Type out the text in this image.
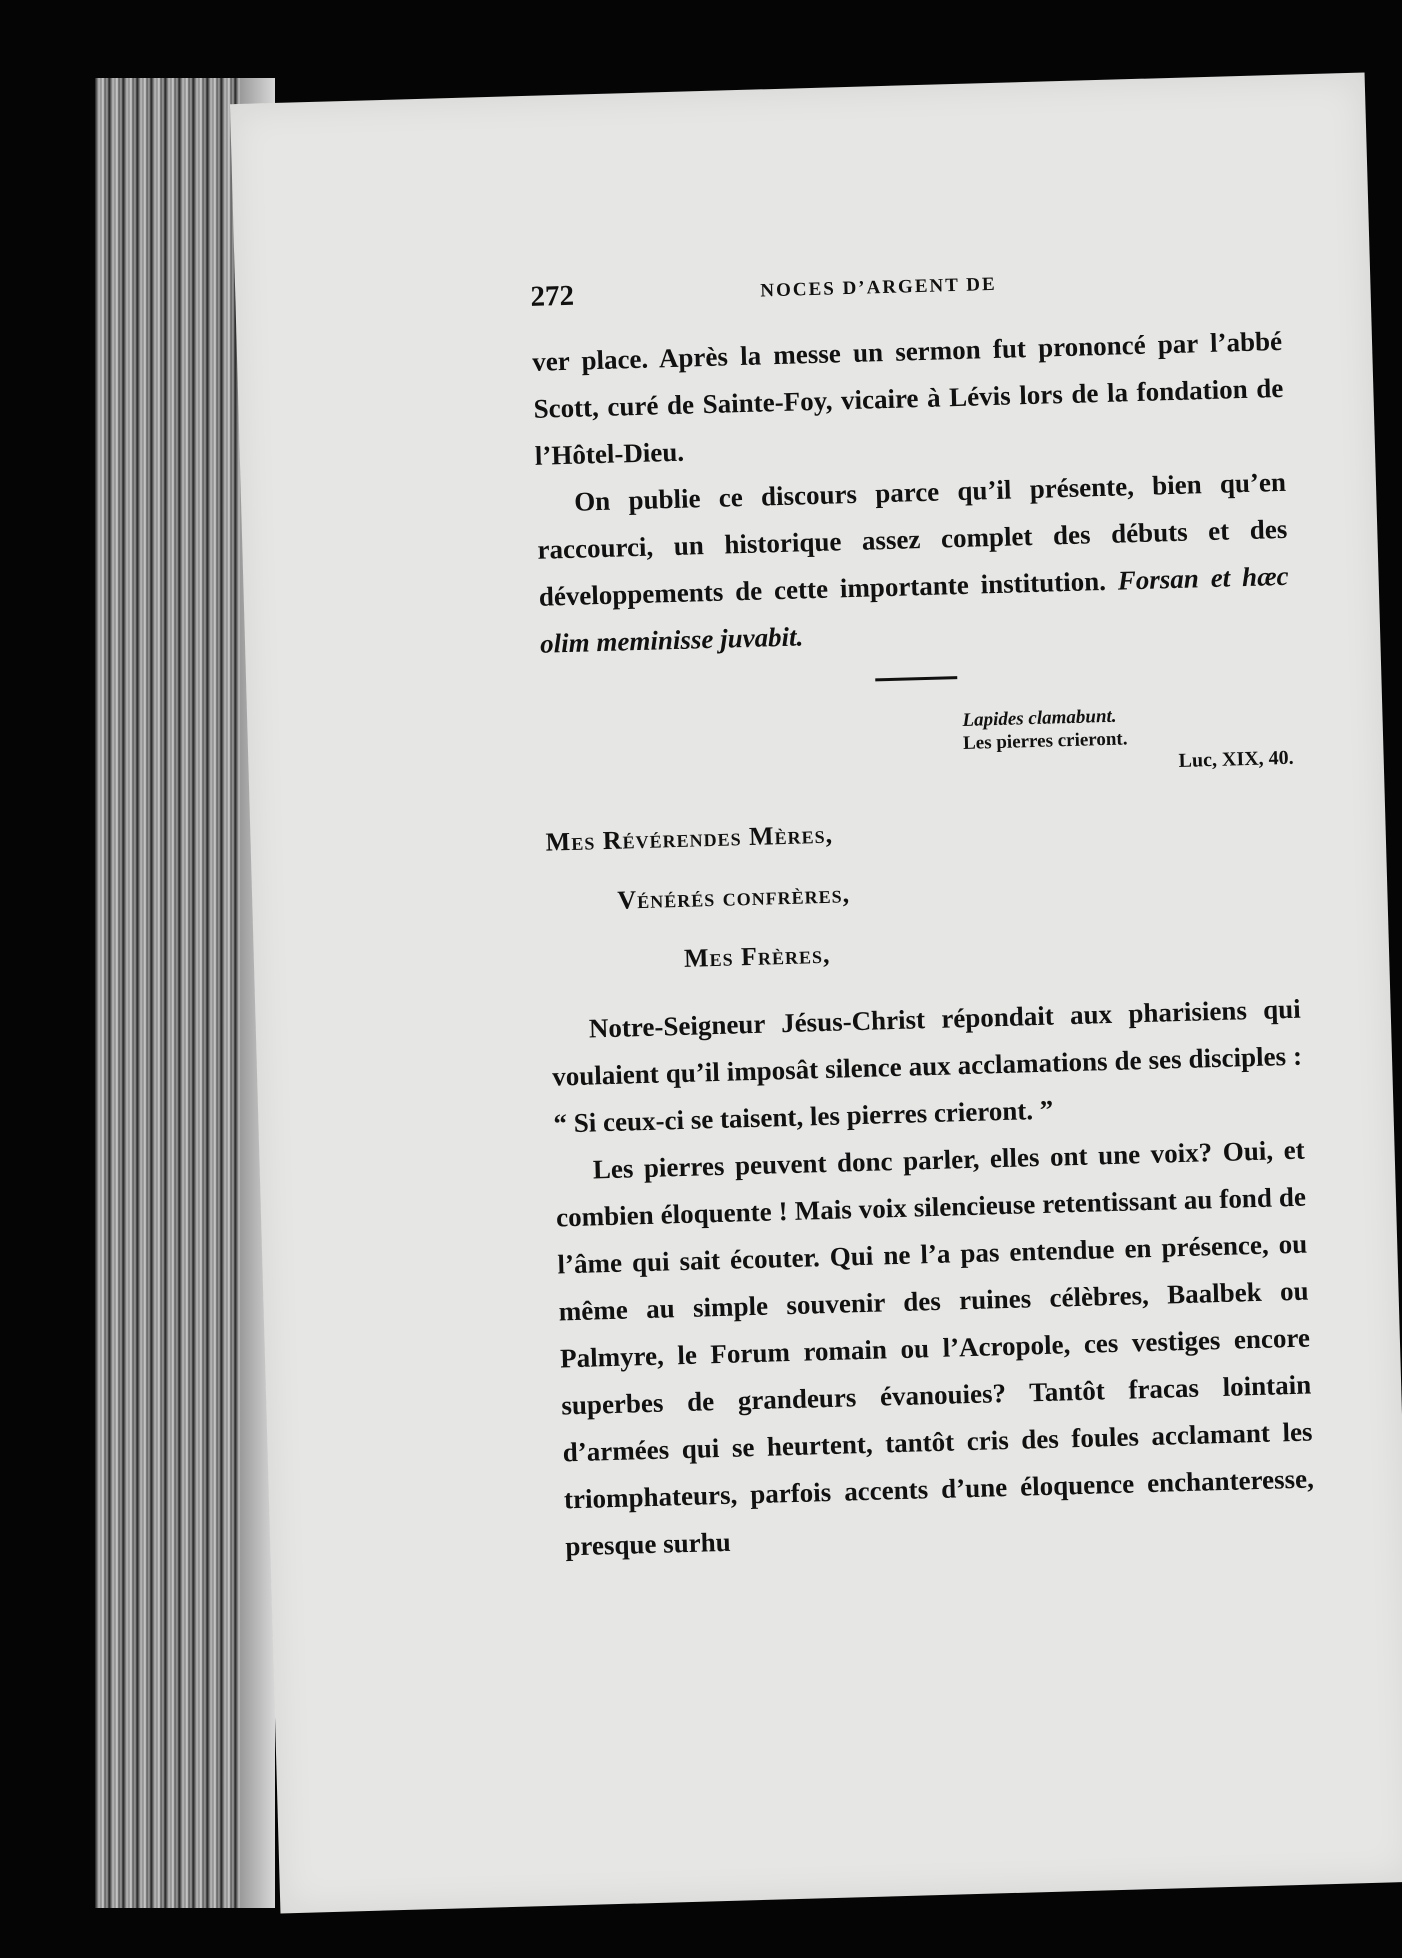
272	NOCES D’ARGENT DE

ver place. Après la messe un sermon fut prononcé par l’abbé Scott, curé de Sainte-Foy, vicaire à Lévis lors de la fondation de l’Hôtel-Dieu.

On publie ce discours parce qu’il présente, bien qu’en raccourci, un historique assez complet des débuts et des développements de cette importante institution. Forsan et hæc olim meminisse juvabit.

Lapides clamabunt.
Les pierres crieront.
Luc, XIX, 40.
Mes Révérendes Mères,
Vénérés confrères,
Mes Frères,

Notre-Seigneur Jésus-Christ répondait aux pharisiens qui voulaient qu’il imposât silence aux acclamations de ses disciples : “ Si ceux-ci se taisent, les pierres crieront. ”

Les pierres peuvent donc parler, elles ont une voix? Oui, et combien éloquente ! Mais voix silencieuse retentissant au fond de l’âme qui sait écouter. Qui ne l’a pas entendue en présence, ou même au simple souvenir des ruines célèbres, Baalbek ou Palmyre, le Forum romain ou l’Acropole, ces vestiges encore superbes de grandeurs évanouies? Tantôt fracas lointain d’armées qui se heurtent, tantôt cris des foules acclamant les triomphateurs, parfois accents d’une éloquence enchanteresse, presque surhu
